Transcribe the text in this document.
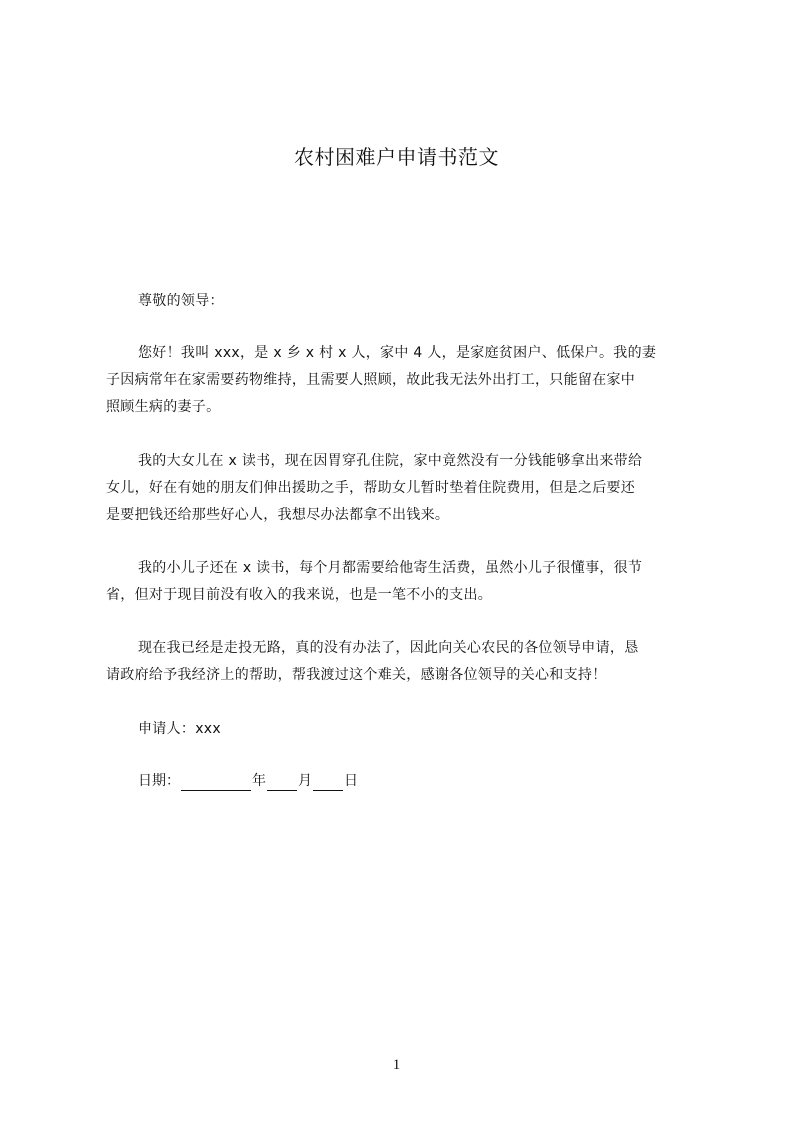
农村困难户申请书范文
尊敬的领导：
您好！我叫 xxx，是 x 乡 x 村 x 人，家中 4 人，是家庭贫困户、低保户。我的妻
子因病常年在家需要药物维持，且需要人照顾，故此我无法外出打工，只能留在家中
照顾生病的妻子。
我的大女儿在 x 读书，现在因胃穿孔住院，家中竟然没有一分钱能够拿出来带给
女儿，好在有她的朋友们伸出援助之手，帮助女儿暂时垫着住院费用，但是之后要还
是要把钱还给那些好心人，我想尽办法都拿不出钱来。
我的小儿子还在 x 读书，每个月都需要给他寄生活费，虽然小儿子很懂事，很节
省，但对于现目前没有收入的我来说，也是一笔不小的支出。
现在我已经是走投无路，真的没有办法了，因此向关心农民的各位领导申请，恳
请政府给予我经济上的帮助，帮我渡过这个难关，感谢各位领导的关心和支持！
申请人：xxx
日期：	年 月 日
1
